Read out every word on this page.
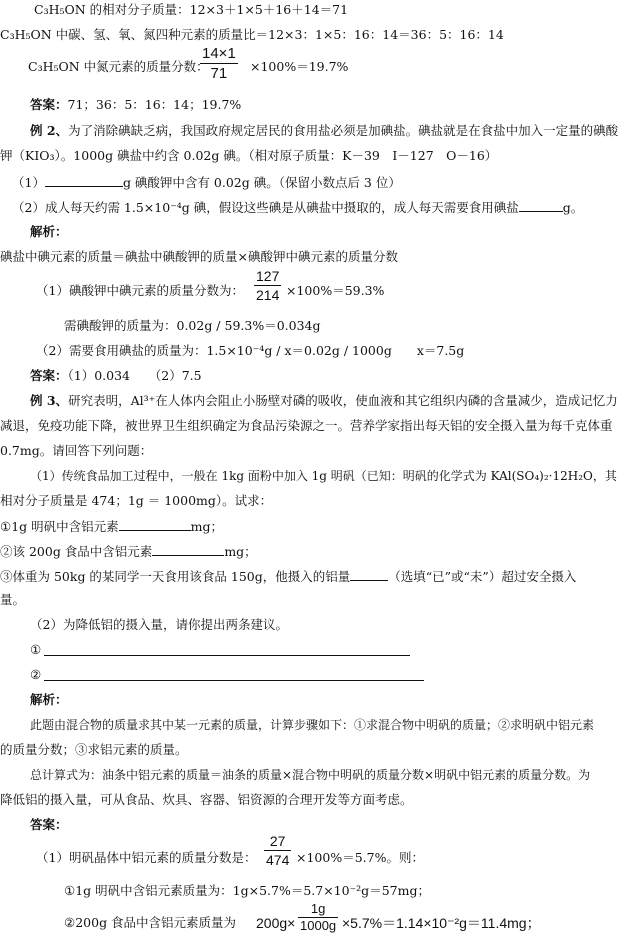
C₃H₅ON 的相对分子质量：12×3＋1×5＋16＋14＝71
C₃H₅ON 中碳、氢、氧、氮四种元素的质量比＝12×3：1×5：16：14＝36：5：16：14
C₃H₅ON 中氮元素的质量分数：
$\frac{14\times 1}{71} \times 100\%=19.7\%$
答案：71；36：5：16：14；19.7%
例 2、为了消除碘缺乏病，我国政府规定居民的食用盐必须是加碘盐。碘盐就是在食盐中加入一定量的碘酸
钾（KIO₃）。1000g 碘盐中约含 0.02g 碘。（相对原子质量：K－39　I－127　O－16）
（1）	g 碘酸钾中含有 0.02g 碘。（保留小数点后 3 位）
（2）成人每天约需 1.5×10⁻⁴g 碘，假设这些碘是从碘盐中摄取的，成人每天需要食用碘盐	g。
解析：
碘盐中碘元素的质量＝碘盐中碘酸钾的质量×碘酸钾中碘元素的质量分数
（1）碘酸钾中碘元素的质量分数为： $\frac{127}{214} \times 100\%=59.3\%$
需碘酸钾的质量为：0.02g / 59.3%＝0.034g
（2）需要食用碘盐的质量为：1.5×10⁻⁴g / x＝0.02g / 1000g　　x＝7.5g
答案：（1）0.034　　（2）7.5
例 3、研究表明，Al³⁺在人体内会阻止小肠壁对磷的吸收，使血液和其它组织内磷的含量减少，造成记忆力
减退，免疫功能下降，被世界卫生组织确定为食品污染源之一。营养学家指出每天铝的安全摄入量为每千克体重
0.7mg。请回答下列问题：
（1）传统食品加工过程中，一般在 1kg 面粉中加入 1g 明矾（已知：明矾的化学式为 KAl(SO₄)₂·12H₂O，其
相对分子质量是 474；1g ＝ 1000mg）。试求：
①1g 明矾中含铝元素	mg；
②该 200g 食品中含铝元素	mg；
③体重为 50kg 的某同学一天食用该食品 150g，他摄入的铝量	（选填“已”或“未”）超过安全摄入
量。
（2）为降低铝的摄入量，请你提出两条建议。
①
②
解析：
此题由混合物的质量求其中某一元素的质量，计算步骤如下：①求混合物中明矾的质量；②求明矾中铝元素
的质量分数；③求铝元素的质量。
总计算式为：油条中铝元素的质量＝油条的质量×混合物中明矾的质量分数×明矾中铝元素的质量分数。为
降低铝的摄入量，可从食品、炊具、容器、铝资源的合理开发等方面考虑。
答案：
（1）明矾晶体中铝元素的质量分数是： $\frac{27}{474} \times 100\%=5.7\%$。则：
①1g 明矾中含铝元素质量为：1g×5.7%＝5.7×10⁻²g＝57mg；
②200g 食品中含铝元素质量为 $200g\times \frac{1g}{1000g} \times 5.7\%=1.14\times 10^{-2}g=11.4mg$；
